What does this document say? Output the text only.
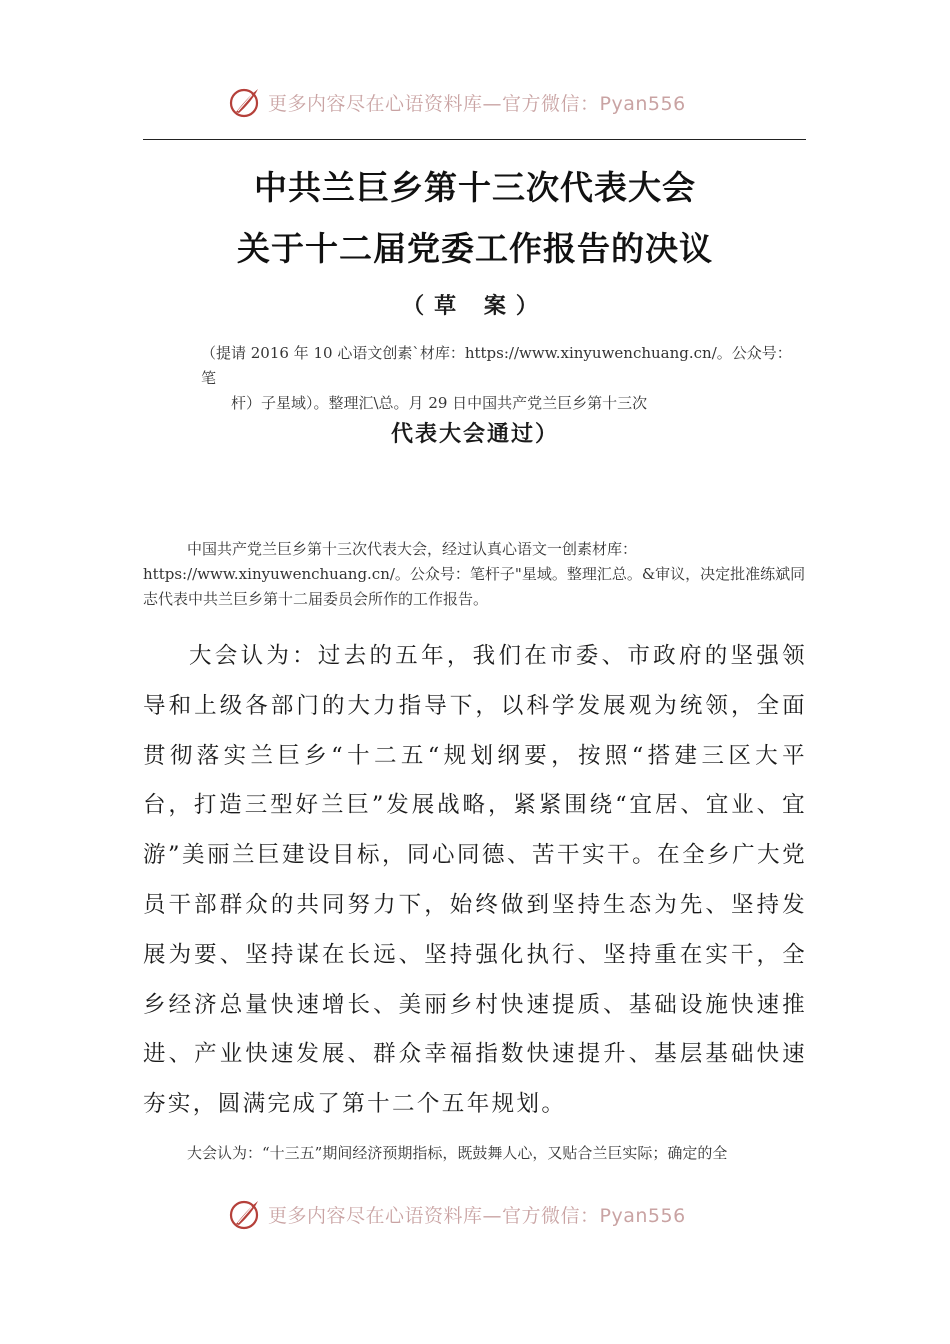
更多内容尽在心语资料库—官方微信：Pyan556
中共兰巨乡第十三次代表大会
关于十二届党委工作报告的决议
（草 案）
（提请 2016 年 10 心语文创素`材库：https://www.xinyuwenchuang.cn/。公众号：笔
杆）子星域）。整理汇\总。月 29 日中国共产党兰巨乡第十三次
代表大会通过）

中国共产党兰巨乡第十三次代表大会，经过认真心语文一创素材库：https://www.xinyuwenchuang.cn/。公众号：笔杆子"星域。整理汇总。&审议，决定批准练斌同志代表中共兰巨乡第十二届委员会所作的工作报告。

大会认为：过去的五年，我们在市委、市政府的坚强领导和上级各部门的大力指导下，以科学发展观为统领，全面贯彻落实兰巨乡“十二五“规划纲要，按照“搭建三区大平台，打造三型好兰巨”发展战略，紧紧围绕“宜居、宜业、宜游”美丽兰巨建设目标，同心同德、苦干实干。在全乡广大党员干部群众的共同努力下，始终做到坚持生态为先、坚持发展为要、坚持谋在长远、坚持强化执行、坚持重在实干，全乡经济总量快速增长、美丽乡村快速提质、基础设施快速推进、产业快速发展、群众幸福指数快速提升、基层基础快速夯实，圆满完成了第十二个五年规划。

大会认为：“十三五”期间经济预期指标，既鼓舞人心，又贴合兰巨实际；确定的全

更多内容尽在心语资料库—官方微信：Pyan556
